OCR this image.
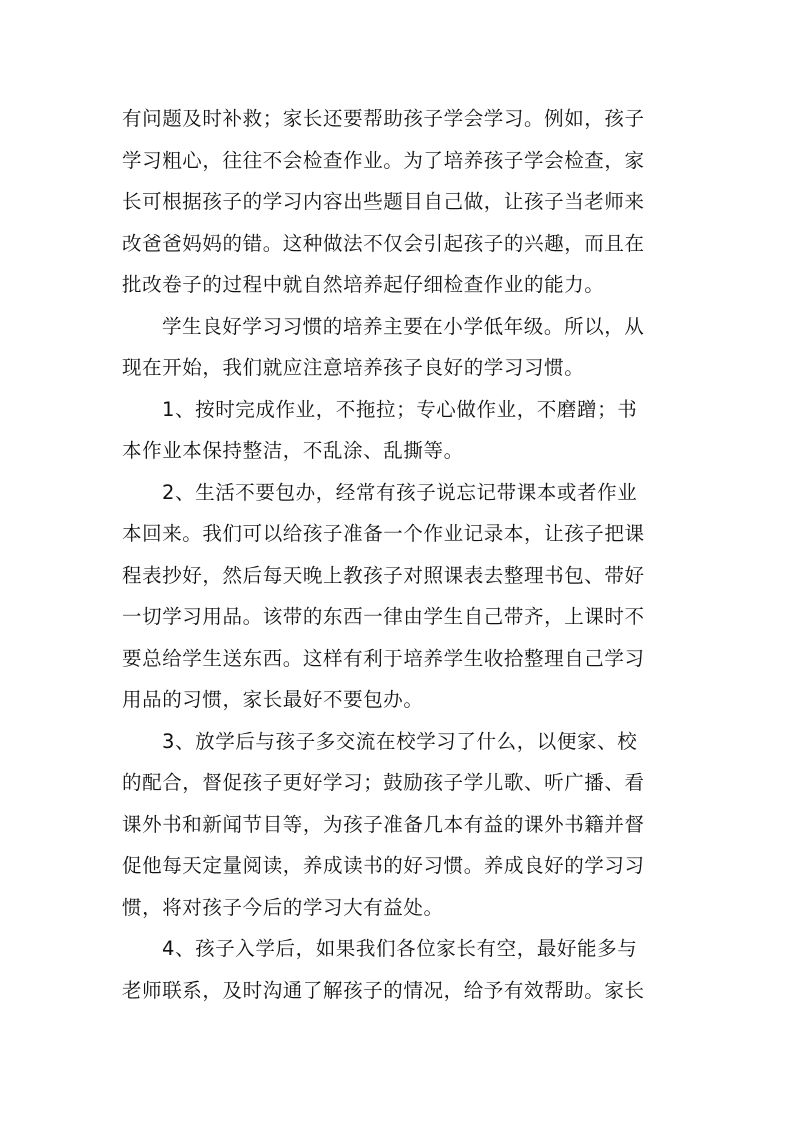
有问题及时补救；家长还要帮助孩子学会学习。例如，孩子
学习粗心，往往不会检查作业。为了培养孩子学会检查，家
长可根据孩子的学习内容出些题目自己做，让孩子当老师来
改爸爸妈妈的错。这种做法不仅会引起孩子的兴趣，而且在
批改卷子的过程中就自然培养起仔细检查作业的能力。
学生良好学习习惯的培养主要在小学低年级。所以，从
现在开始，我们就应注意培养孩子良好的学习习惯。
1、按时完成作业，不拖拉；专心做作业，不磨蹭；书
本作业本保持整洁，不乱涂、乱撕等。
2、生活不要包办，经常有孩子说忘记带课本或者作业
本回来。我们可以给孩子准备一个作业记录本，让孩子把课
程表抄好，然后每天晚上教孩子对照课表去整理书包、带好
一切学习用品。该带的东西一律由学生自己带齐，上课时不
要总给学生送东西。这样有利于培养学生收拾整理自己学习
用品的习惯，家长最好不要包办。
3、放学后与孩子多交流在校学习了什么，以便家、校
的配合，督促孩子更好学习；鼓励孩子学儿歌、听广播、看
课外书和新闻节目等，为孩子准备几本有益的课外书籍并督
促他每天定量阅读，养成读书的好习惯。养成良好的学习习
惯，将对孩子今后的学习大有益处。
4、孩子入学后，如果我们各位家长有空，最好能多与
老师联系，及时沟通了解孩子的情况，给予有效帮助。家长
